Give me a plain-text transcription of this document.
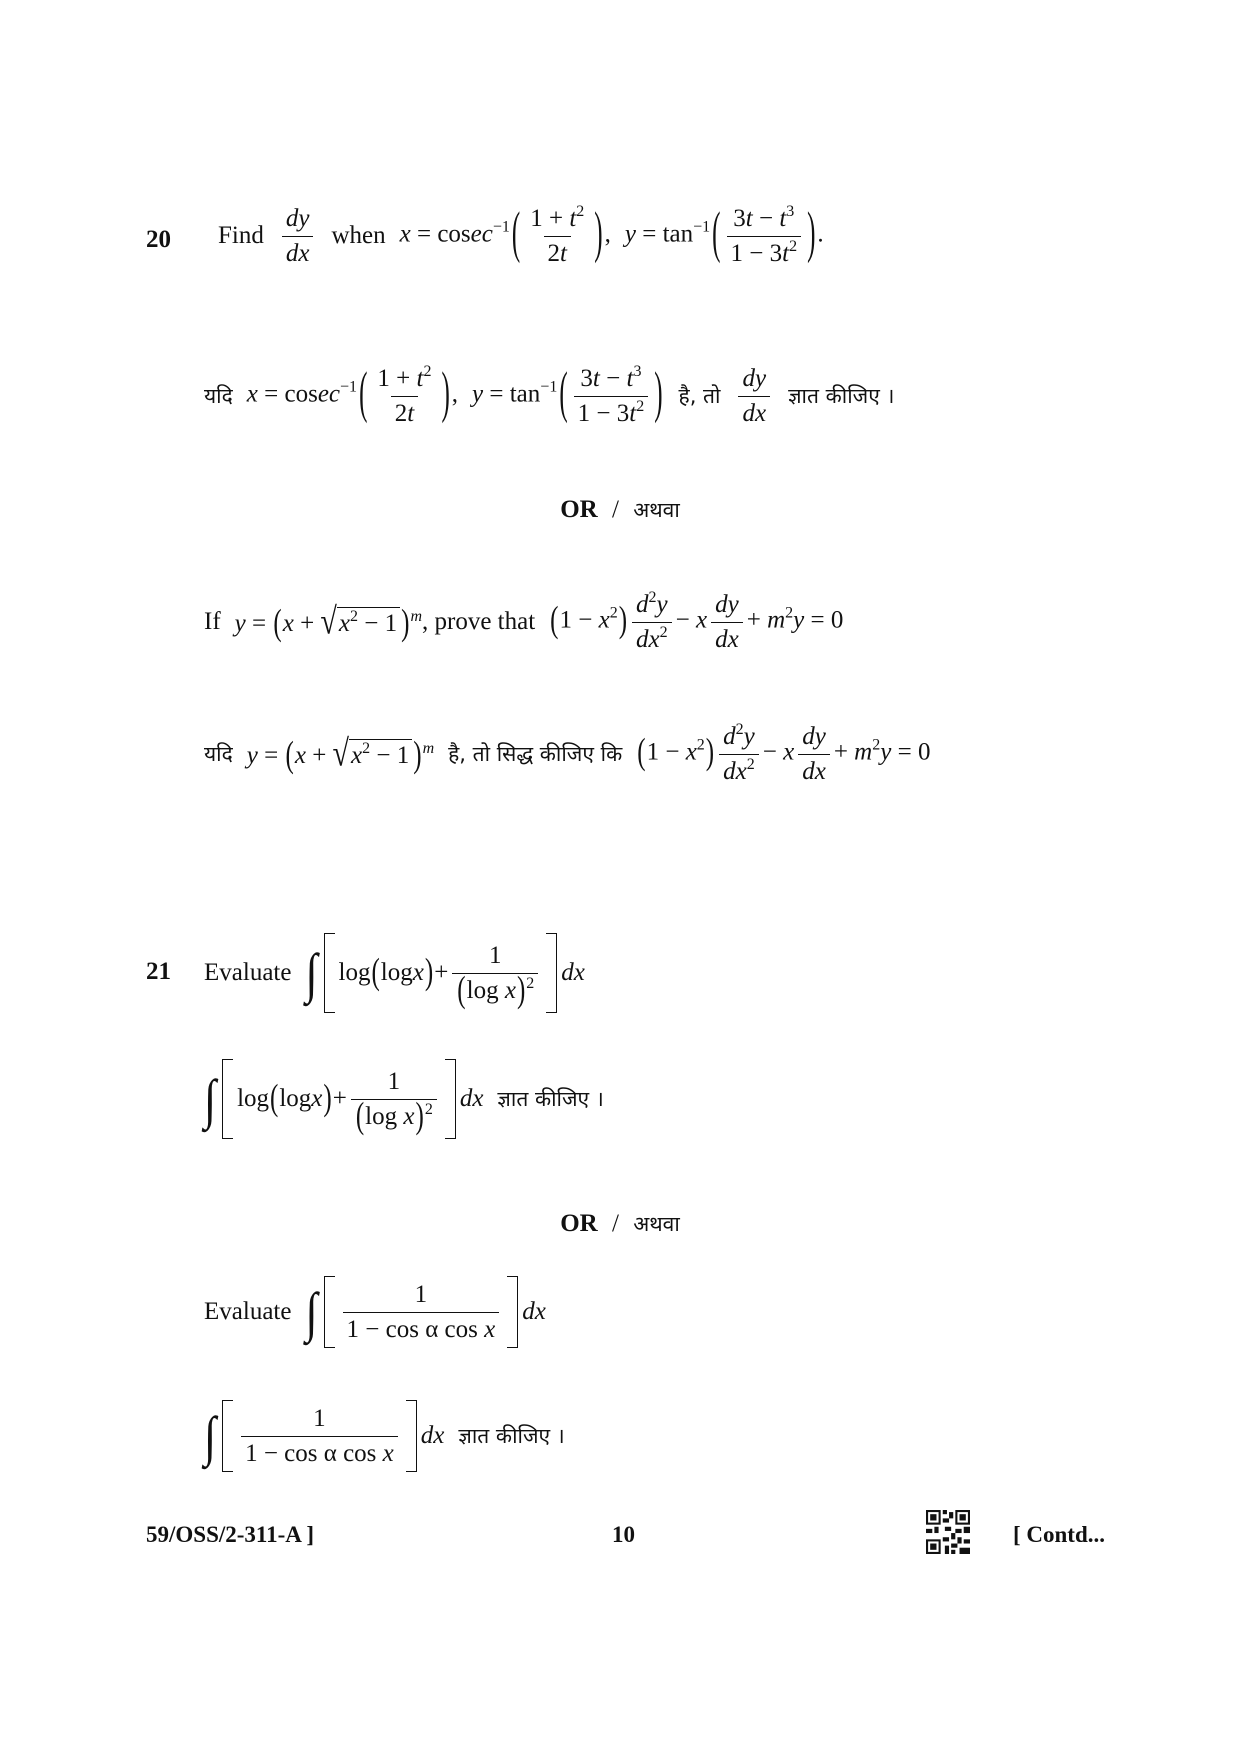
20 Find $\frac{dy}{dx}$ when $x = cosec^{-1}( \frac{1 + t^2}{2t}$ ), $y = \tan^{-1}( \frac{3t - t^3}{1 - 3t^2}$ ).
यदि $x = cosec^{-1}( \frac{1 + t^2}{2t}$ ), $y = \tan^{-1}( \frac{3t - t^3}{1 - 3t^2}$ ) है, तो $\frac{dy}{dx}$ ज्ञात कीजिए ।
OR / अथवा
If y = (x + √ $x^2 - 1$ )$^m$ , prove that $(1 - x^2) \frac{d^2y}{dx^2} - x \frac{dy}{dx} + m^2y = 0$
यदि y = (x + √ $x^2 - 1$ )$^m$ है, तो सिद्ध कीजिए कि $(1 - x^2) \frac{d^2y}{dx^2} - x \frac{dy}{dx} + m^2y = 0$
21 Evaluate ∫ log ( log x ) + $\frac{1}{(\log x)^2}$ dx
∫ log ( log x ) + $\frac{1}{(\log x)^2}$ dx ज्ञात कीजिए ।
OR / अथवा
Evaluate ∫ $\frac{1}{\text{1 − cos α cos x}}$ dx
∫ $\frac{1}{\text{1 − cos α cos x}}$ dx ज्ञात कीजिए ।
59/OSS/2-311-A ]	10	[ Contd...
